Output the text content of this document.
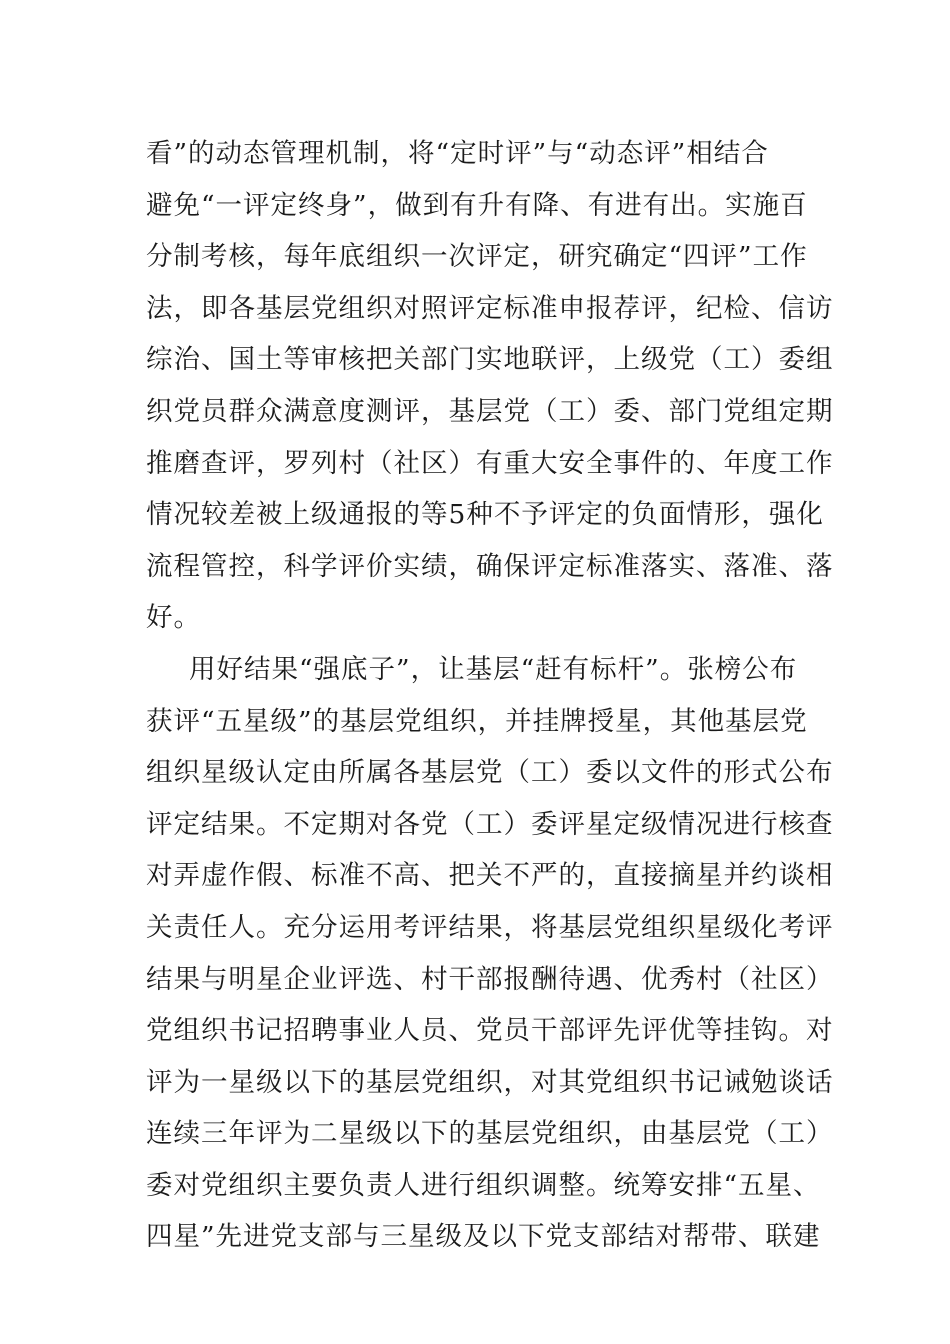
看”的动态管理机制，将“定时评”与“动态评”相结合
避免“一评定终身”，做到有升有降、有进有出。实施百
分制考核，每年底组织一次评定，研究确定“四评”工作
法，即各基层党组织对照评定标准申报荐评，纪检、信访
综治、国土等审核把关部门实地联评，上级党（工）委组
织党员群众满意度测评，基层党（工）委、部门党组定期
推磨查评，罗列村（社区）有重大安全事件的、年度工作
情况较差被上级通报的等5种不予评定的负面情形，强化
流程管控，科学评价实绩，确保评定标准落实、落准、落
好。
用好结果“强底子”，让基层“赶有标杆”。张榜公布
获评“五星级”的基层党组织，并挂牌授星，其他基层党
组织星级认定由所属各基层党（工）委以文件的形式公布
评定结果。不定期对各党（工）委评星定级情况进行核查
对弄虚作假、标准不高、把关不严的，直接摘星并约谈相
关责任人。充分运用考评结果，将基层党组织星级化考评
结果与明星企业评选、村干部报酬待遇、优秀村（社区）
党组织书记招聘事业人员、党员干部评先评优等挂钩。对
评为一星级以下的基层党组织，对其党组织书记诫勉谈话
连续三年评为二星级以下的基层党组织，由基层党（工）
委对党组织主要负责人进行组织调整。统筹安排“五星、
四星”先进党支部与三星级及以下党支部结对帮带、联建
